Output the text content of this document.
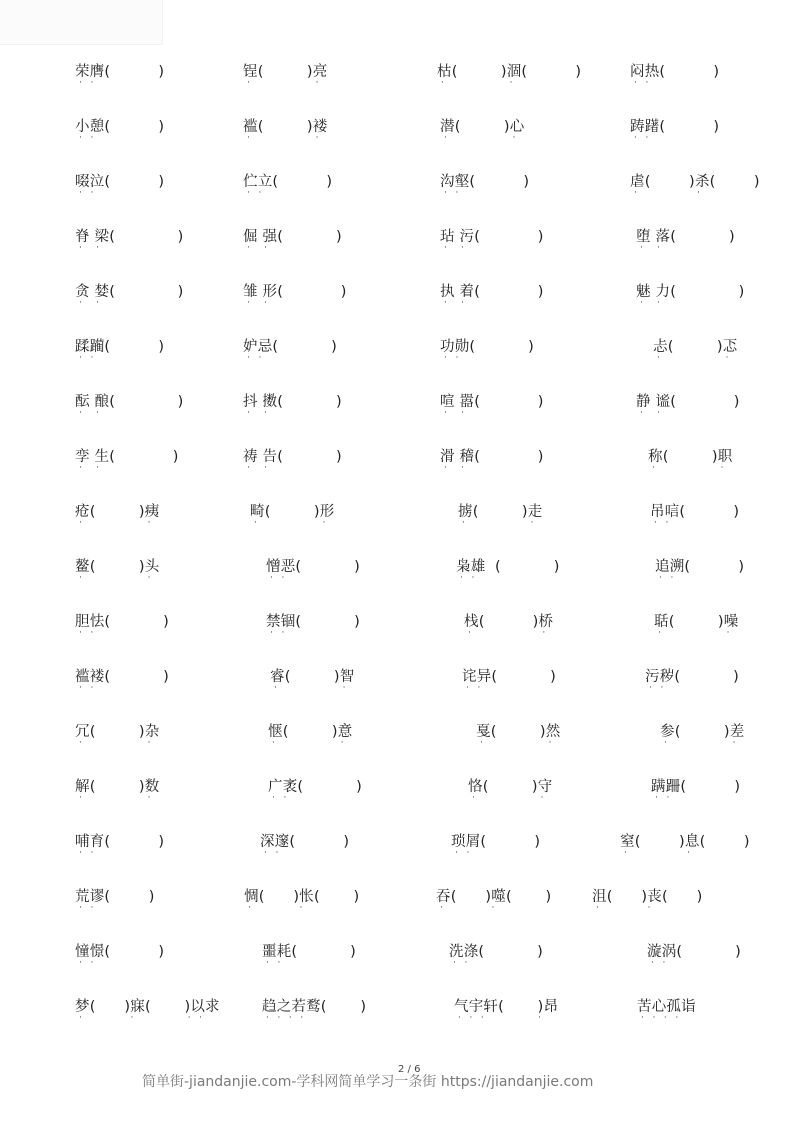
荣膺(          )
·   ·
锃(         )亮
·                       ·
枯(         )涸(          )
·                       ·
闷热(          )
·   ·
小憩(          )
·   ·
褴(         )褛
·                       ·
潜(         )心
·                       ·
踌躇(          )
·   ·
啜泣(          )
·   ·
伫立(          )
·   ·
沟壑(          )
·   ·
虐(        )杀(        )
·                     ·
脊 梁(             )
·     ·
倔 强(           )
·     ·
玷 污(            )
·     ·
堕 落(           )
·     ·
贪 婪(             )
·     ·
雏 形(            )
·     ·
执 着(            )
·     ·
魅 力(             )
·     ·
蹂躏(          )
·   ·
妒忌(           )
·   ·
功勋(           )
·   ·
忐(         )忑
·                       ·
酝 酿(             )
·     ·
抖 擞(           )
·     ·
喧 嚣(            )
·     ·
静 谧(            )
·     ·
孪 生(            )
·     ·
祷 告(           )
·     ·
滑 稽(            )
·     ·
称(         )职
·                       ·
疮(         )痍
·                       ·
畸(         )形
·                       ·
掳(         )走
·                       ·
吊唁(          )
·   ·
鳌(         )头
·                       ·
憎恶(           )
·   ·
枭雄  (           )
·   ·
追溯(          )
·   ·
胆怯(           )
·   ·
禁锢(           )
·   ·
栈(          )桥
·                         ·
聒(         )噪
·                       ·
褴褛(           )
·   ·
睿(         )智
·                       ·
诧异(           )
·   ·
污秽(           )
·   ·
冗(         )杂
·                       ·
惬(         )意
·                       ·
戛(         )然
·                       ·
参(         )差
·                       ·
解(         )数
·                       ·
广袤(           )
·   ·
恪(         )守
·                       ·
蹒跚(          )
·   ·
哺育(          )
·   ·
深邃(          )
·   ·
琐屑(          )
·   ·
窒(        )息(        )
·                     ·
荒谬(        )
·   ·
惆(      )怅(       )
·                 ·
吞(      )噬(       )
·                 ·
沮(      )丧(      )
·                 ·
憧憬(          )
·   ·
噩耗(           )
·   ·
洗涤(           )
·   ·
漩涡(           )
·   ·
梦(      )寐(       )以求
·                 ·                   ·   ·
趋之若鹜(       )
·   ·   ·   ·
气宇轩(       )昂
·   ·   ·                   ·
苦心孤诣
·   ·   ·   ·
2 / 6
简单街-jiandanjie.com-学科网简单学习一条街 https://jiandanjie.com
